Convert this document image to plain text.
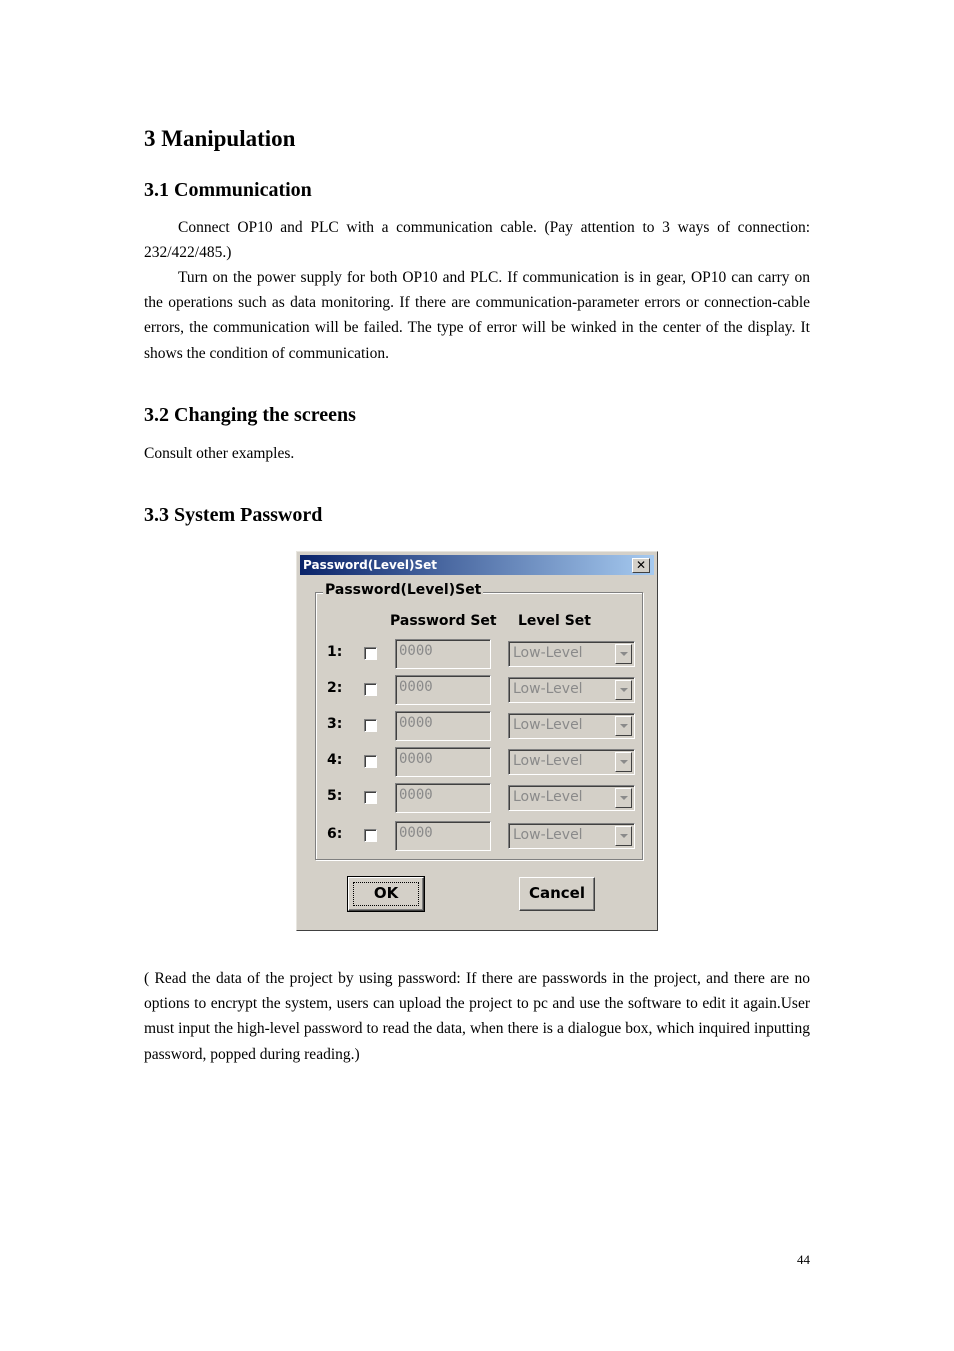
3 Manipulation
3.1 Communication

Connect OP10 and PLC with a communication cable. (Pay attention to 3 ways of connection: 232/422/485.)

Turn on the power supply for both OP10 and PLC. If communication is in gear, OP10 can carry on the operations such as data monitoring. If there are communication-parameter errors or connection-cable errors, the communication will be failed. The type of error will be winked in the center of the display. It shows the condition of communication.

3.2 Changing the screens

Consult other examples.

3.3 System Password
Password(Level)Set	✕
Password(Level)Set
Password Set Level Set
1:	0000	Low-Level
2:	0000	Low-Level
3:	0000	Low-Level
4:	0000	Low-Level
5:	0000	Low-Level
6:	0000	Low-Level
OK	Cancel

( Read the data of the project by using password: If there are passwords in the project, and there are no options to encrypt the system, users can upload the project to pc and use the software to edit it again.User must input the high-level password to read the data, when there is a dialogue box, which inquired inputting password, popped during reading.)

44
